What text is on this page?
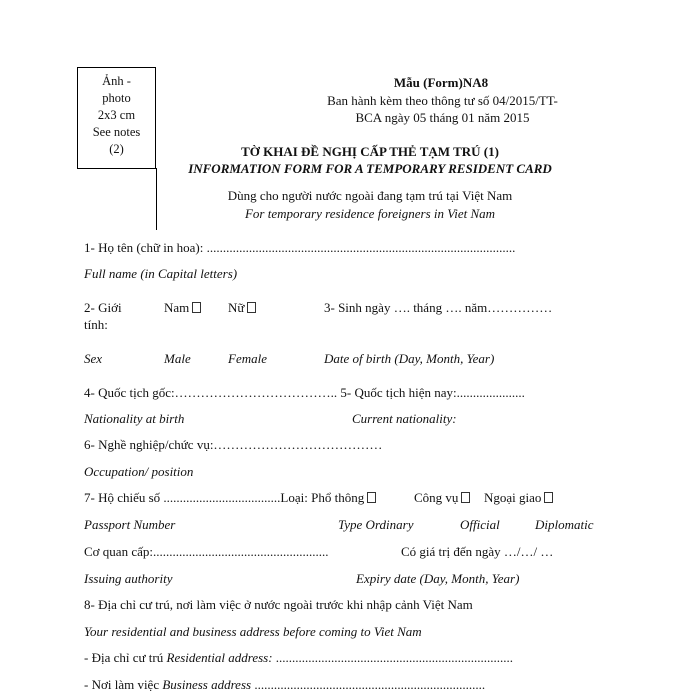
Ảnh -
photo
2x3 cm
See notes
(2)
Mẫu (Form)NA8
Ban hành kèm theo thông tư số 04/2015/TT-
BCA ngày 05 tháng 01 năm 2015
TỜ KHAI ĐỀ NGHỊ CẤP THẺ TẠM TRÚ (1)
INFORMATION FORM FOR A TEMPORARY RESIDENT CARD
Dùng cho người nước ngoài đang tạm trú tại Việt Nam
For temporary residence foreigners in Viet Nam
1- Họ tên (chữ in hoa): ...............................................................................................
Full name (in Capital letters)
2- Giới
tính:
Nam	Nữ	3- Sinh ngày …. tháng …. năm……………
Sex	Male	Female	Date of birth (Day, Month, Year)
4- Quốc tịch gốc:……………………………….. 5- Quốc tịch hiện nay:.....................
Nationality at birth	Current nationality:
6- Nghề nghiệp/chức vụ:…………………………………
Occupation/ position
7- Hộ chiếu số ....................................Loại: Phổ thông	Công vụ	Ngoại giao
Passport Number	Type Ordinary	Official	Diplomatic
Cơ quan cấp:......................................................	Có giá trị đến ngày …/…/ …
Issuing authority	Expiry date (Day, Month, Year)
8- Địa chỉ cư trú, nơi làm việc ở nước ngoài trước khi nhập cảnh Việt Nam
Your residential and business address before coming to Viet Nam
- Địa chỉ cư trú Residential address: .........................................................................
- Nơi làm việc Business address .......................................................................
